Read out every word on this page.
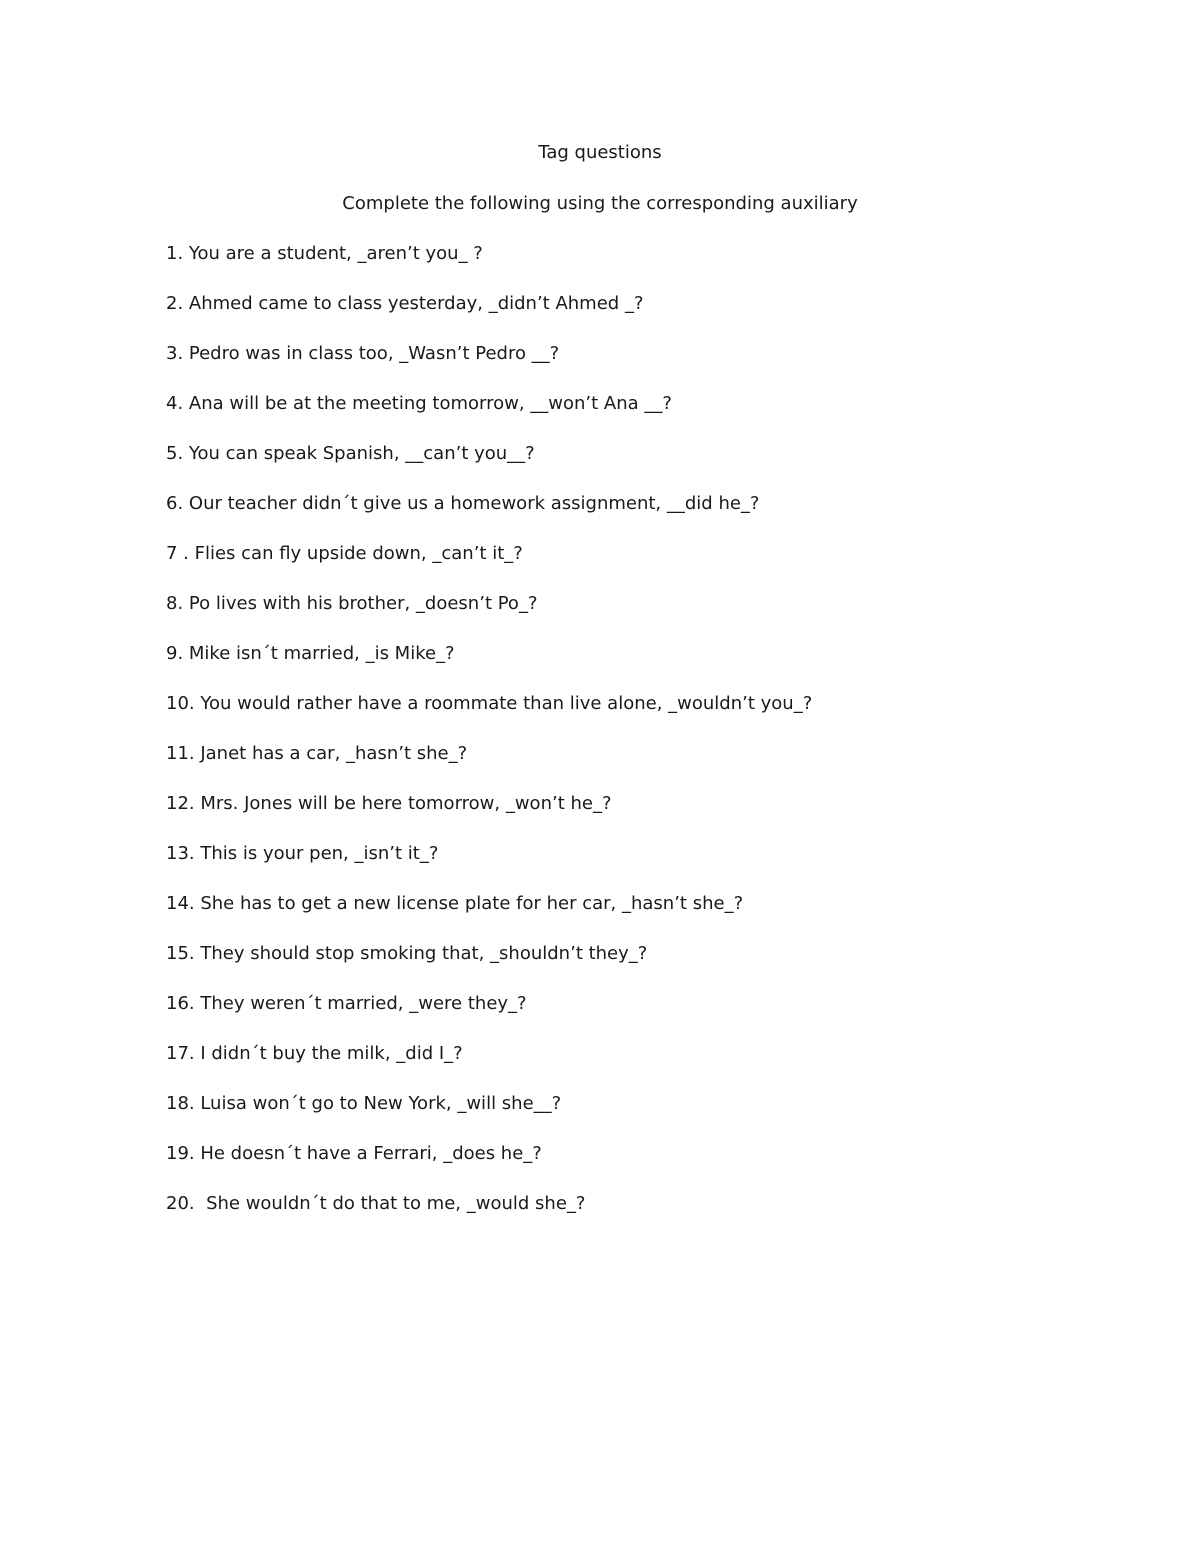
Tag questions
Complete the following using the corresponding auxiliary
1. You are a student, _aren’t you_ ?
2. Ahmed came to class yesterday, _didn’t Ahmed _?
3. Pedro was in class too, _Wasn’t Pedro __?
4. Ana will be at the meeting tomorrow, __won’t Ana __?
5. You can speak Spanish, __can’t you__?
6. Our teacher didn´t give us a homework assignment, __did he_?
7 . Flies can fly upside down, _can’t it_?
8. Po lives with his brother, _doesn’t Po_?
9. Mike isn´t married, _is Mike_?
10. You would rather have a roommate than live alone, _wouldn’t you_?
11. Janet has a car, _hasn’t she_?
12. Mrs. Jones will be here tomorrow, _won’t he_?
13. This is your pen, _isn’t it_?
14. She has to get a new license plate for her car, _hasn’t she_?
15. They should stop smoking that, _shouldn’t they_?
16. They weren´t married, _were they_?
17. I didn´t buy the milk, _did I_?
18. Luisa won´t go to New York, _will she__?
19. He doesn´t have a Ferrari, _does he_?
20.  She wouldn´t do that to me, _would she_?
